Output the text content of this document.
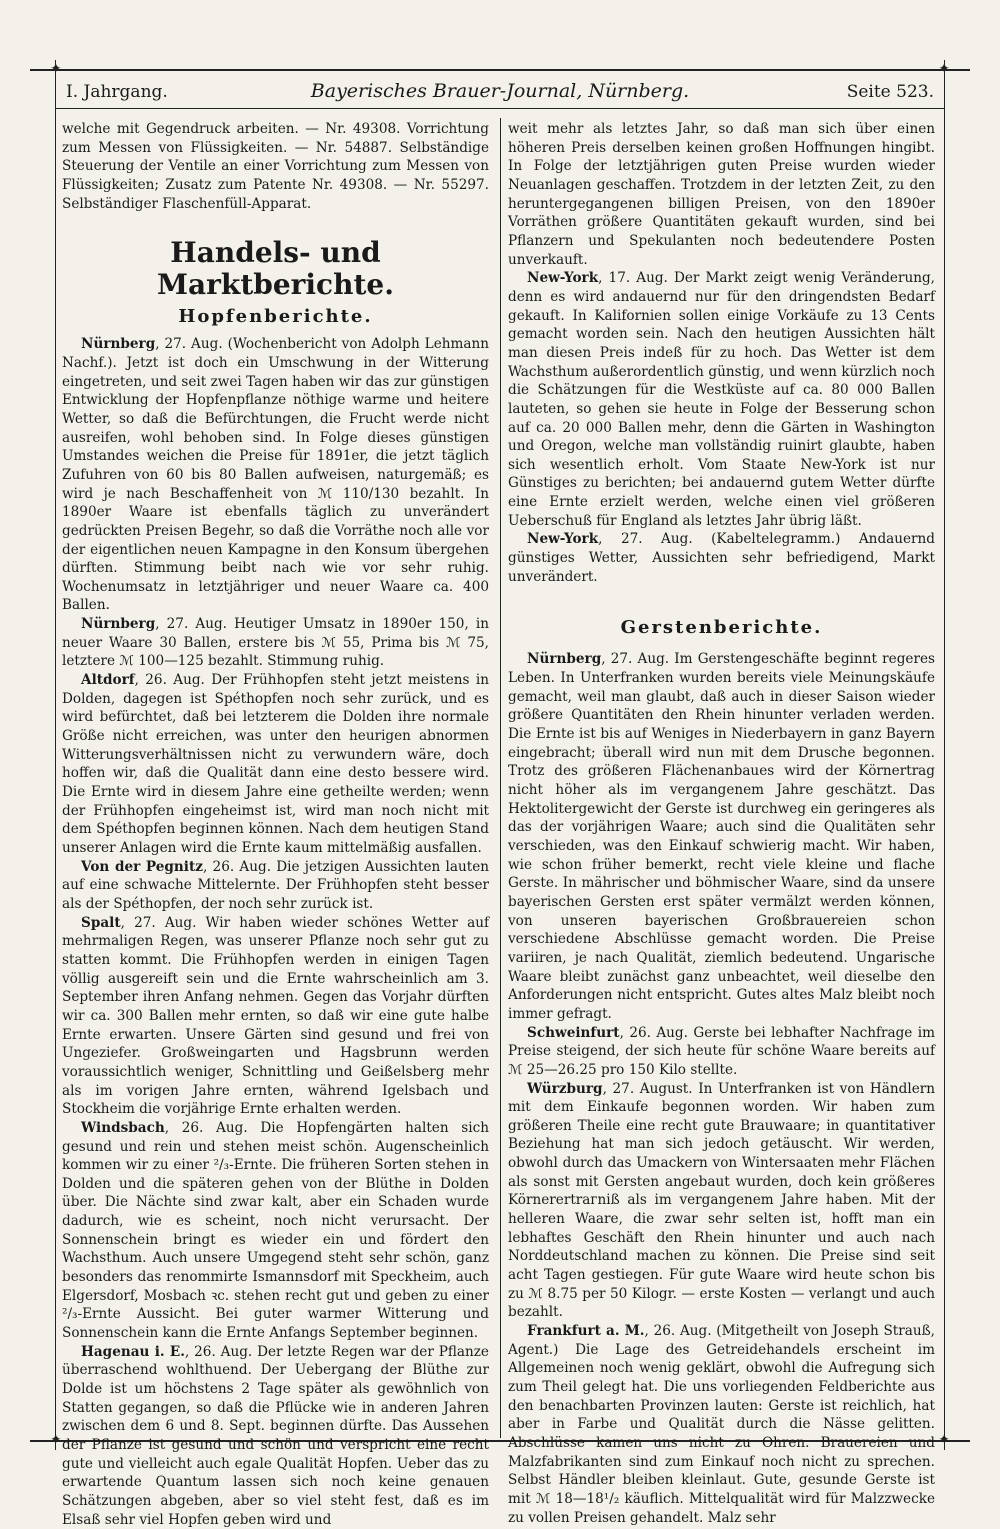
✦	✦
✦	✦
I. Jahrgang.	Bayerisches Brauer-Journal, Nürnberg.	Seite 523.

welche mit Gegendruck arbeiten. — Nr. 49308. Vorrichtung zum Messen von Flüssigkeiten. — Nr. 54887. Selbständige Steuerung der Ventile an einer Vorrichtung zum Messen von Flüssigkeiten; Zusatz zum Patente Nr. 49308. — Nr. 55297. Selbständiger Flaschenfüll-Apparat.

Handels- und Marktberichte.
Hopfenberichte.

Nürnberg, 27. Aug. (Wochenbericht von Adolph Lehmann Nachf.). Jetzt ist doch ein Umschwung in der Witterung eingetreten, und seit zwei Tagen haben wir das zur günstigen Entwicklung der Hopfenpflanze nöthige warme und heitere Wetter, so daß die Befürchtungen, die Frucht werde nicht ausreifen, wohl behoben sind. In Folge dieses günstigen Umstandes weichen die Preise für 1891er, die jetzt täglich Zufuhren von 60 bis 80 Ballen aufweisen, naturgemäß; es wird je nach Beschaffenheit von ℳ 110/130 bezahlt. In 1890er Waare ist ebenfalls täglich zu unverändert gedrückten Preisen Begehr, so daß die Vorräthe noch alle vor der eigentlichen neuen Kampagne in den Konsum übergehen dürften. Stimmung beibt nach wie vor sehr ruhig. Wochenumsatz in letztjähriger und neuer Waare ca. 400 Ballen.

Nürnberg, 27. Aug. Heutiger Umsatz in 1890er 150, in neuer Waare 30 Ballen, erstere bis ℳ 55, Prima bis ℳ 75, letztere ℳ 100—125 bezahlt. Stimmung ruhig.

Altdorf, 26. Aug. Der Frühhopfen steht jetzt meistens in Dolden, dagegen ist Spéthopfen noch sehr zurück, und es wird befürchtet, daß bei letzterem die Dolden ihre normale Größe nicht erreichen, was unter den heurigen abnormen Witterungsverhältnissen nicht zu verwundern wäre, doch hoffen wir, daß die Qualität dann eine desto bessere wird. Die Ernte wird in diesem Jahre eine getheilte werden; wenn der Frühhopfen eingeheimst ist, wird man noch nicht mit dem Spéthopfen beginnen können. Nach dem heutigen Stand unserer Anlagen wird die Ernte kaum mittelmäßig ausfallen.

Von der Pegnitz, 26. Aug. Die jetzigen Aussichten lauten auf eine schwache Mittelernte. Der Frühhopfen steht besser als der Spéthopfen, der noch sehr zurück ist.

Spalt, 27. Aug. Wir haben wieder schönes Wetter auf mehrmaligen Regen, was unserer Pflanze noch sehr gut zu statten kommt. Die Frühhopfen werden in einigen Tagen völlig ausgereift sein und die Ernte wahrscheinlich am 3. September ihren Anfang nehmen. Gegen das Vorjahr dürften wir ca. 300 Ballen mehr ernten, so daß wir eine gute halbe Ernte erwarten. Unsere Gärten sind gesund und frei von Ungeziefer. Großweingarten und Hagsbrunn werden voraussichtlich weniger, Schnittling und Geißelsberg mehr als im vorigen Jahre ernten, während Igelsbach und Stockheim die vorjährige Ernte erhalten werden.

Windsbach, 26. Aug. Die Hopfengärten halten sich gesund und rein und stehen meist schön. Augenscheinlich kommen wir zu einer ²/₃-Ernte. Die früheren Sorten stehen in Dolden und die späteren gehen von der Blüthe in Dolden über. Die Nächte sind zwar kalt, aber ein Schaden wurde dadurch, wie es scheint, noch nicht verursacht. Der Sonnenschein bringt es wieder ein und fördert den Wachsthum. Auch unsere Umgegend steht sehr schön, ganz besonders das renommirte Ismannsdorf mit Speckheim, auch Elgersdorf, Mosbach ꝛc. stehen recht gut und geben zu einer ²/₃-Ernte Aussicht. Bei guter warmer Witterung und Sonnenschein kann die Ernte Anfangs September beginnen.

Hagenau i. E., 26. Aug. Der letzte Regen war der Pflanze überraschend wohlthuend. Der Uebergang der Blüthe zur Dolde ist um höchstens 2 Tage später als gewöhnlich von Statten gegangen, so daß die Pflücke wie in anderen Jahren zwischen dem 6 und 8. Sept. beginnen dürfte. Das Aussehen der Pflanze ist gesund und schön und verspricht eine recht gute und vielleicht auch egale Qualität Hopfen. Ueber das zu erwartende Quantum lassen sich noch keine genauen Schätzungen abgeben, aber so viel steht fest, daß es im Elsaß sehr viel Hopfen geben wird und

weit mehr als letztes Jahr, so daß man sich über einen höheren Preis derselben keinen großen Hoffnungen hingibt. In Folge der letztjährigen guten Preise wurden wieder Neuanlagen geschaffen. Trotzdem in der letzten Zeit, zu den heruntergegangenen billigen Preisen, von den 1890er Vorräthen größere Quantitäten gekauft wurden, sind bei Pflanzern und Spekulanten noch bedeutendere Posten unverkauft.

New-York, 17. Aug. Der Markt zeigt wenig Veränderung, denn es wird andauernd nur für den dringendsten Bedarf gekauft. In Kalifornien sollen einige Vorkäufe zu 13 Cents gemacht worden sein. Nach den heutigen Aussichten hält man diesen Preis indeß für zu hoch. Das Wetter ist dem Wachsthum außerordentlich günstig, und wenn kürzlich noch die Schätzungen für die Westküste auf ca. 80 000 Ballen lauteten, so gehen sie heute in Folge der Besserung schon auf ca. 20 000 Ballen mehr, denn die Gärten in Washington und Oregon, welche man vollständig ruinirt glaubte, haben sich wesentlich erholt. Vom Staate New-York ist nur Günstiges zu berichten; bei andauernd gutem Wetter dürfte eine Ernte erzielt werden, welche einen viel größeren Ueberschuß für England als letztes Jahr übrig läßt.

New-York, 27. Aug. (Kabeltelegramm.) Andauernd günstiges Wetter, Aussichten sehr befriedigend, Markt unverändert.

Gerstenberichte.

Nürnberg, 27. Aug. Im Gerstengeschäfte beginnt regeres Leben. In Unterfranken wurden bereits viele Meinungskäufe gemacht, weil man glaubt, daß auch in dieser Saison wieder größere Quantitäten den Rhein hinunter verladen werden. Die Ernte ist bis auf Weniges in Niederbayern in ganz Bayern eingebracht; überall wird nun mit dem Drusche begonnen. Trotz des größeren Flächenanbaues wird der Körnertrag nicht höher als im vergangenem Jahre geschätzt. Das Hektolitergewicht der Gerste ist durchweg ein geringeres als das der vorjährigen Waare; auch sind die Qualitäten sehr verschieden, was den Einkauf schwierig macht. Wir haben, wie schon früher bemerkt, recht viele kleine und flache Gerste. In mährischer und böhmischer Waare, sind da unsere bayerischen Gersten erst später vermälzt werden können, von unseren bayerischen Großbrauereien schon verschiedene Abschlüsse gemacht worden. Die Preise variiren, je nach Qualität, ziemlich bedeutend. Ungarische Waare bleibt zunächst ganz unbeachtet, weil dieselbe den Anforderungen nicht entspricht. Gutes altes Malz bleibt noch immer gefragt.

Schweinfurt, 26. Aug. Gerste bei lebhafter Nachfrage im Preise steigend, der sich heute für schöne Waare bereits auf ℳ 25—26.25 pro 150 Kilo stellte.

Würzburg, 27. August. In Unterfranken ist von Händlern mit dem Einkaufe begonnen worden. Wir haben zum größeren Theile eine recht gute Brauwaare; in quantitativer Beziehung hat man sich jedoch getäuscht. Wir werden, obwohl durch das Umackern von Wintersaaten mehr Flächen als sonst mit Gersten angebaut wurden, doch kein größeres Körnerertrагnіß als im vergangenem Jahre haben. Mit der helleren Waare, die zwar sehr selten ist, hofft man ein lebhaftes Geschäft den Rhein hinunter und auch nach Norddeutschland machen zu können. Die Preise sind seit acht Tagen gestiegen. Für gute Waare wird heute schon bis zu ℳ 8.75 per 50 Kilogr. — erste Kosten — verlangt und auch bezahlt.

Frankfurt a. M., 26. Aug. (Mitgetheilt von Joseph Strauß, Agent.) Die Lage des Getreidehandels erscheint im Allgemeinen noch wenig geklärt, obwohl die Aufregung sich zum Theil gelegt hat. Die uns vorliegenden Feldberichte aus den benachbarten Provinzen lauten: Gerste ist reichlich, hat aber in Farbe und Qualität durch die Nässe gelitten. Abschlüsse kamen uns nicht zu Ohren. Brauereien und Malzfabrikanten sind zum Einkauf noch nicht zu sprechen. Selbst Händler bleiben kleinlaut. Gute, gesunde Gerste ist mit ℳ 18—18¹/₂ käuflich. Mittelqualität wird für Malzzwecke zu vollen Preisen gehandelt. Malz sehr
